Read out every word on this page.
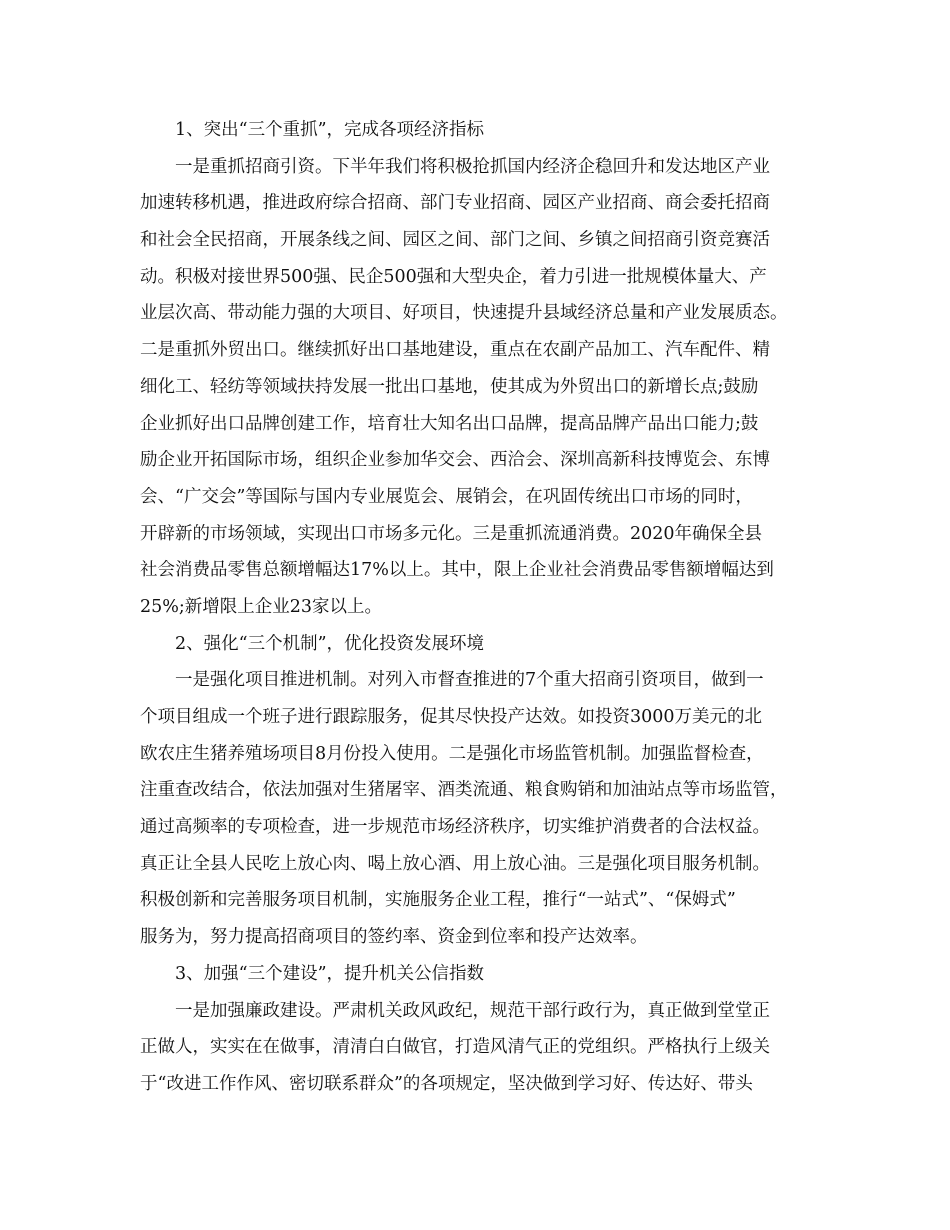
1、突出“三个重抓”，完成各项经济指标

一是重抓招商引资。下半年我们将积极抢抓国内经济企稳回升和发达地区产业

加速转移机遇，推进政府综合招商、部门专业招商、园区产业招商、商会委托招商

和社会全民招商，开展条线之间、园区之间、部门之间、乡镇之间招商引资竞赛活

动。积极对接世界500强、民企500强和大型央企，着力引进一批规模体量大、产

业层次高、带动能力强的大项目、好项目，快速提升县域经济总量和产业发展质态。

二是重抓外贸出口。继续抓好出口基地建设，重点在农副产品加工、汽车配件、精

细化工、轻纺等领域扶持发展一批出口基地，使其成为外贸出口的新增长点;鼓励

企业抓好出口品牌创建工作，培育壮大知名出口品牌，提高品牌产品出口能力;鼓

励企业开拓国际市场，组织企业参加华交会、西洽会、深圳高新科技博览会、东博

会、“广交会”等国际与国内专业展览会、展销会，在巩固传统出口市场的同时，

开辟新的市场领域，实现出口市场多元化。三是重抓流通消费。2020年确保全县

社会消费品零售总额增幅达17%以上。其中，限上企业社会消费品零售额增幅达到

25%;新增限上企业23家以上。

2、强化“三个机制”，优化投资发展环境

一是强化项目推进机制。对列入市督查推进的7个重大招商引资项目，做到一

个项目组成一个班子进行跟踪服务，促其尽快投产达效。如投资3000万美元的北

欧农庄生猪养殖场项目8月份投入使用。二是强化市场监管机制。加强监督检查，

注重查改结合，依法加强对生猪屠宰、酒类流通、粮食购销和加油站点等市场监管，

通过高频率的专项检查，进一步规范市场经济秩序，切实维护消费者的合法权益。

真正让全县人民吃上放心肉、喝上放心酒、用上放心油。三是强化项目服务机制。

积极创新和完善服务项目机制，实施服务企业工程，推行“一站式”、“保姆式”

服务为，努力提高招商项目的签约率、资金到位率和投产达效率。

3、加强“三个建设”，提升机关公信指数

一是加强廉政建设。严肃机关政风政纪，规范干部行政行为，真正做到堂堂正

正做人，实实在在做事，清清白白做官，打造风清气正的党组织。严格执行上级关

于“改进工作作风、密切联系群众”的各项规定，坚决做到学习好、传达好、带头
